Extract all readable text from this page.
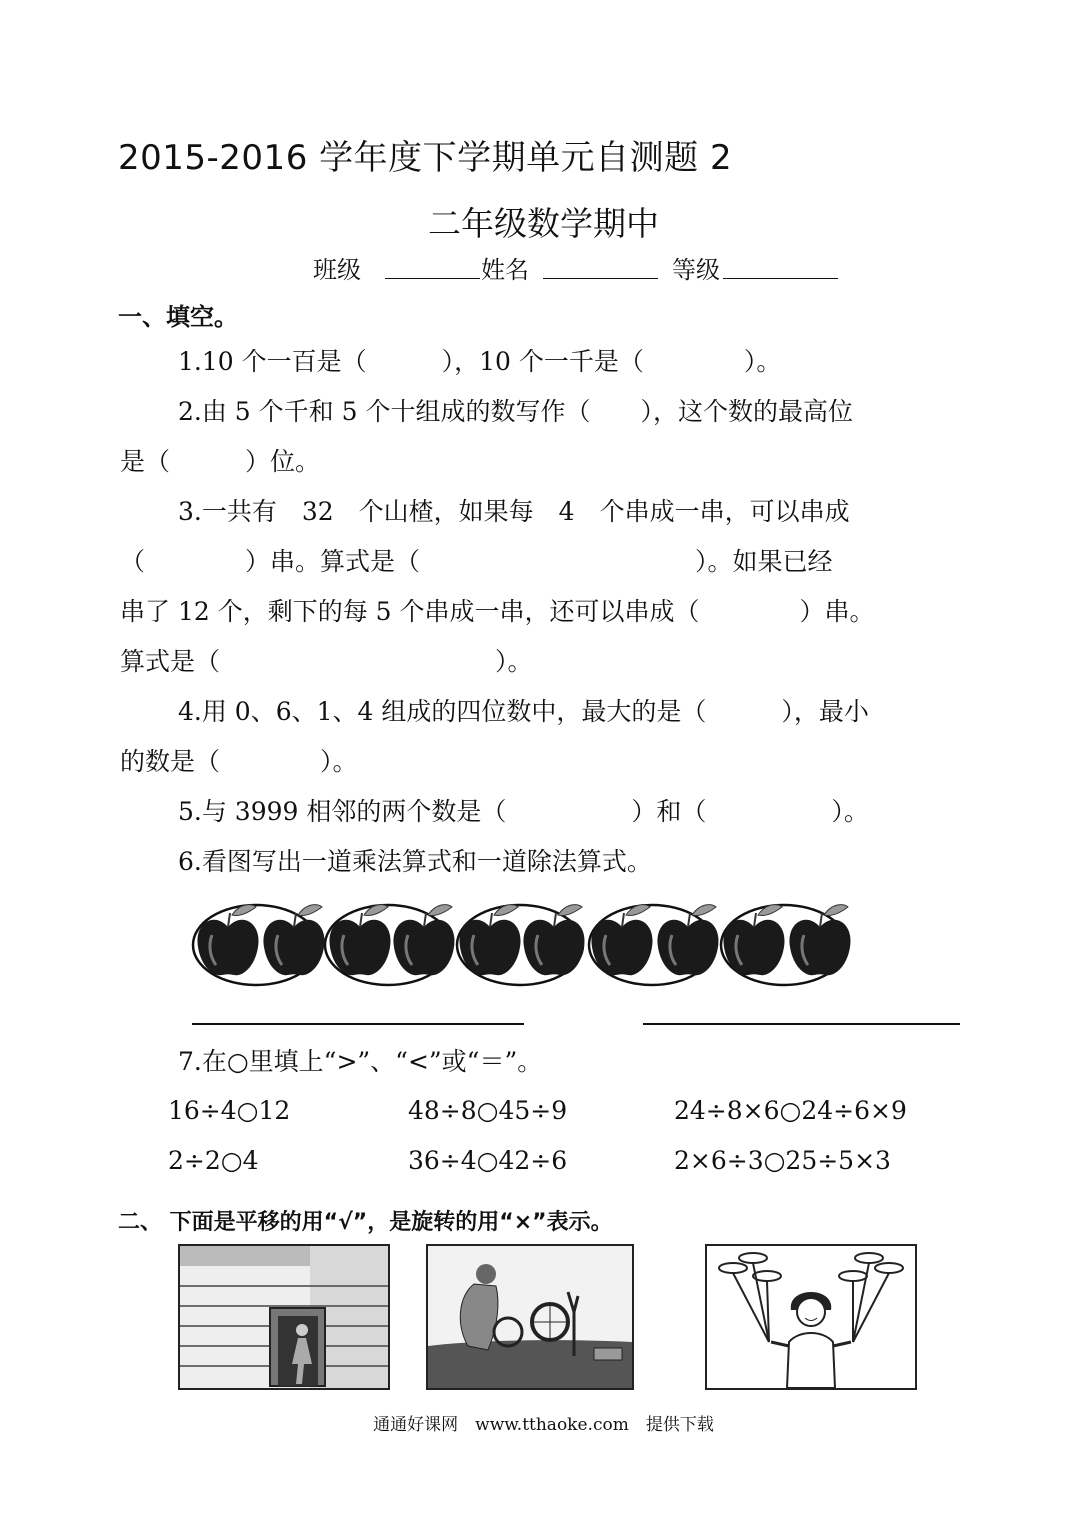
2015-2016 学年度下学期单元自测题 2
二年级数学期中
班级	姓名	等级
一、填空。
1.10 个一百是（　　　），10 个一千是（　　　　）。
2.由 5 个千和 5 个十组成的数写作（　　），这个数的最高位
是（　　　）位。
3.一共有　32　个山楂，如果每　4　个串成一串，可以串成
（　　　　）串。算式是（　　　　　　　　　　　）。如果已经
串了 12 个，剩下的每 5 个串成一串，还可以串成（　　　　）串。
算式是（　　　　　　　　　　　）。
4.用 0、6、1、4 组成的四位数中，最大的是（　　　），最小
的数是（　　　　）。
5.与 3999 相邻的两个数是（　　　　　）和（　　　　　）。
6.看图写出一道乘法算式和一道除法算式。
7.在○里填上“>”、“<”或“＝”。
16÷4○12	48÷8○45÷9	24÷8×6○24÷6×9
2÷2○4	36÷4○42÷6	2×6÷3○25÷5×3
二、 下面是平移的用“√”，是旋转的用“×”表示。
通通好课网　www.tthaoke.com　提供下载
